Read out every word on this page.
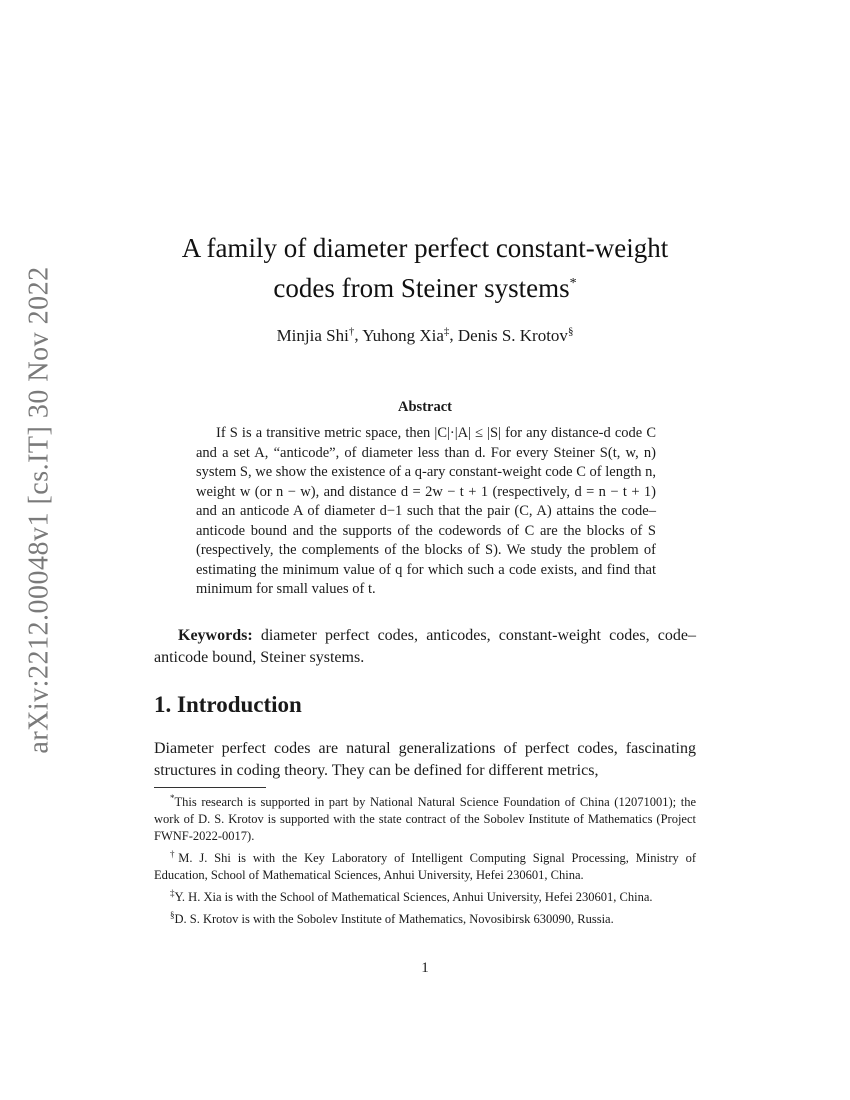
arXiv:2212.00048v1 [cs.IT] 30 Nov 2022
A family of diameter perfect constant-weight
codes from Steiner systems*
Minjia Shi†, Yuhong Xia‡, Denis S. Krotov§
Abstract
If S is a transitive metric space, then |C|·|A| ≤ |S| for any distance-d code C and a set A, “anticode”, of diameter less than d. For every Steiner S(t, w, n) system S, we show the existence of a q-ary constant-weight code C of length n, weight w (or n − w), and distance d = 2w − t + 1 (respectively, d = n − t + 1) and an anticode A of diameter d−1 such that the pair (C, A) attains the code–anticode bound and the supports of the codewords of C are the blocks of S (respectively, the complements of the blocks of S). We study the problem of estimating the minimum value of q for which such a code exists, and find that minimum for small values of t.
Keywords: diameter perfect codes, anticodes, constant-weight codes, code–anticode bound, Steiner systems.
1. Introduction
Diameter perfect codes are natural generalizations of perfect codes, fascinating structures in coding theory. They can be defined for different metrics,

*This research is supported in part by National Natural Science Foundation of China (12071001); the work of D. S. Krotov is supported with the state contract of the Sobolev Institute of Mathematics (Project FWNF-2022-0017).

†M. J. Shi is with the Key Laboratory of Intelligent Computing Signal Processing, Ministry of Education, School of Mathematical Sciences, Anhui University, Hefei 230601, China.

‡Y. H. Xia is with the School of Mathematical Sciences, Anhui University, Hefei 230601, China.

§D. S. Krotov is with the Sobolev Institute of Mathematics, Novosibirsk 630090, Russia.

1
